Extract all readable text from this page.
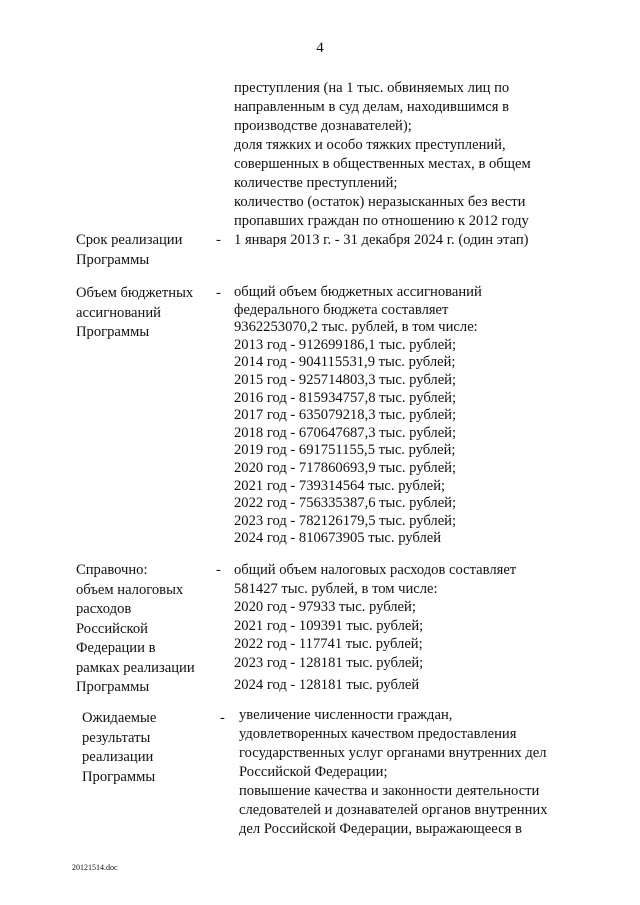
4
преступления (на 1 тыс. обвиняемых лиц по
направленным в суд делам, находившимся в
производстве дознавателей);
доля тяжких и особо тяжких преступлений,
совершенных в общественных местах, в общем
количестве преступлений;
количество (остаток) неразысканных без вести
пропавших граждан по отношению к 2012 году
Срок реализации
Программы
- 1 января 2013 г. - 31 декабря 2024 г. (один этап)
Объем бюджетных
ассигнований
Программы
- общий объем бюджетных ассигнований
федерального бюджета составляет
9362253070,2 тыс. рублей, в том числе:
2013 год - 912699186,1 тыс. рублей;
2014 год - 904115531,9 тыс. рублей;
2015 год - 925714803,3 тыс. рублей;
2016 год - 815934757,8 тыс. рублей;
2017 год - 635079218,3 тыс. рублей;
2018 год - 670647687,3 тыс. рублей;
2019 год - 691751155,5 тыс. рублей;
2020 год - 717860693,9 тыс. рублей;
2021 год - 739314564 тыс. рублей;
2022 год - 756335387,6 тыс. рублей;
2023 год - 782126179,5 тыс. рублей;
2024 год - 810673905 тыс. рублей
Справочно:
объем налоговых
расходов
Российской
Федерации в
рамках реализации
Программы
- общий объем налоговых расходов составляет
581427 тыс. рублей, в том числе:
2020 год - 97933 тыс. рублей;
2021 год - 109391 тыс. рублей;
2022 год - 117741 тыс. рублей;
2023 год - 128181 тыс. рублей;
2024 год - 128181 тыс. рублей
Ожидаемые
результаты
реализации
Программы
- увеличение численности граждан,
удовлетворенных качеством предоставления
государственных услуг органами внутренних дел
Российской Федерации;
повышение качества и законности деятельности
следователей и дознавателей органов внутренних
дел Российской Федерации, выражающееся в
20121514.doc
